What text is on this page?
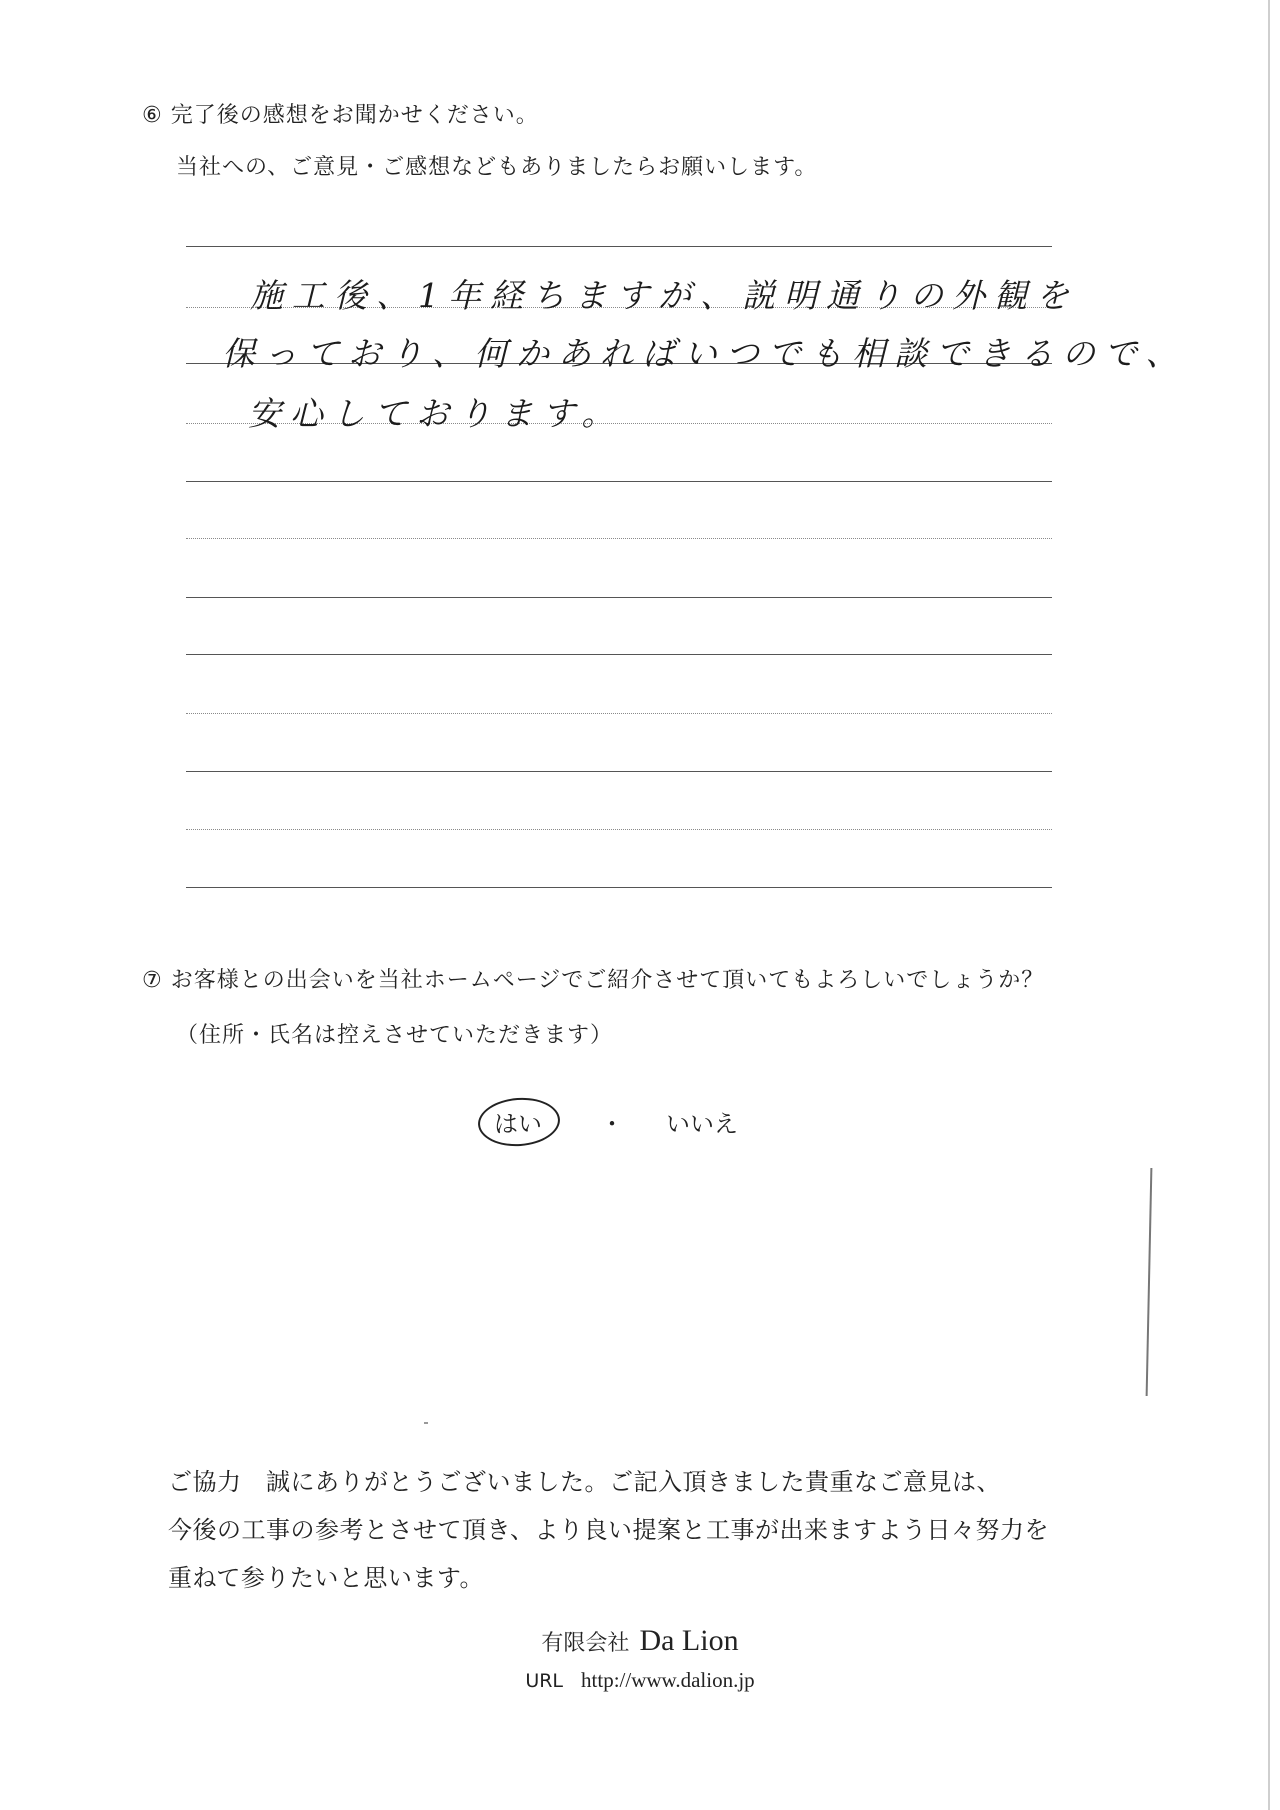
⑥ 完了後の感想をお聞かせください。
当社への、ご意見・ご感想などもありましたらお願いします。
施工後、1年経ちますが、説明通りの外観を
保っており、何かあればいつでも相談できるので、
安心しております。
⑦ お客様との出会いを当社ホームページでご紹介させて頂いてもよろしいでしょうか？
（住所・氏名は控えさせていただきます）
はい ・ いいえ
ご協力　誠にありがとうございました。ご記入頂きました貴重なご意見は、
今後の工事の参考とさせて頂き、より良い提案と工事が出来ますよう日々努力を
重ねて参りたいと思います。
有限会社 Da Lion
URL http://www.dalion.jp
